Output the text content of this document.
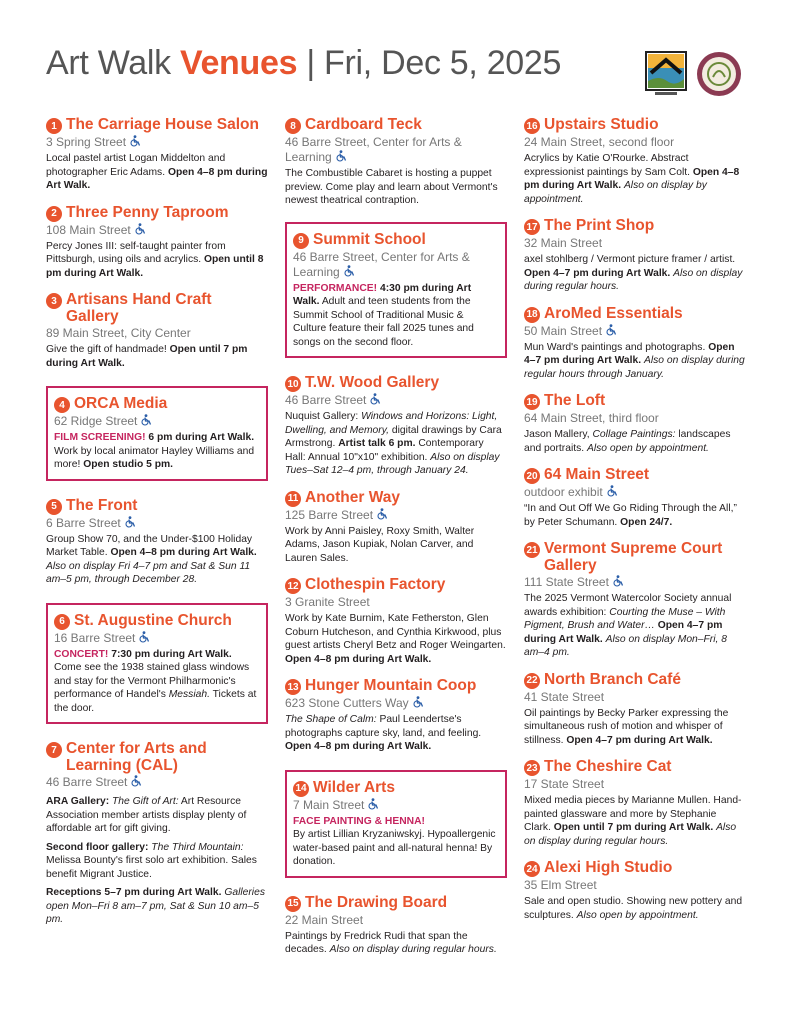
Art Walk Venues | Fri, Dec 5, 2025
1 The Carriage House Salon
3 Spring Street
Local pastel artist Logan Middelton and photographer Eric Adams. Open 4–8 pm during Art Walk.
2 Three Penny Taproom
108 Main Street
Percy Jones III: self-taught painter from Pittsburgh, using oils and acrylics. Open until 8 pm during Art Walk.
3 Artisans Hand Craft Gallery
89 Main Street, City Center
Give the gift of handmade! Open until 7 pm during Art Walk.
4 ORCA Media
62 Ridge Street
FILM SCREENING! 6 pm during Art Walk. Work by local animator Hayley Williams and more! Open studio 5 pm.
5 The Front
6 Barre Street
Group Show 70, and the Under-$100 Holiday Market Table. Open 4–8 pm during Art Walk. Also on display Fri 4–7 pm and Sat & Sun 11 am–5 pm, through December 28.
6 St. Augustine Church
16 Barre Street
CONCERT! 7:30 pm during Art Walk. Come see the 1938 stained glass windows and stay for the Vermont Philharmonic's performance of Handel's Messiah. Tickets at the door.
7 Center for Arts and Learning (CAL)
46 Barre Street
ARA Gallery: The Gift of Art: Art Resource Association member artists display plenty of affordable art for gift giving.
Second floor gallery: The Third Mountain: Melissa Bounty's first solo art exhibition. Sales benefit Migrant Justice.
Receptions 5–7 pm during Art Walk. Galleries open Mon–Fri 8 am–7 pm, Sat & Sun 10 am–5 pm.
8 Cardboard Teck
46 Barre Street, Center for Arts & Learning
The Combustible Cabaret is hosting a puppet preview. Come play and learn about Vermont's newest theatrical contraption.
9 Summit School
46 Barre Street, Center for Arts & Learning
PERFORMANCE! 4:30 pm during Art Walk. Adult and teen students from the Summit School of Traditional Music & Culture feature their fall 2025 tunes and songs on the second floor.
10 T.W. Wood Gallery
46 Barre Street
Nuquist Gallery: Windows and Horizons: Light, Dwelling, and Memory, digital drawings by Cara Armstrong. Artist talk 6 pm. Contemporary Hall: Annual 10"x10" exhibition. Also on display Tues–Sat 12–4 pm, through January 24.
11 Another Way
125 Barre Street
Work by Anni Paisley, Roxy Smith, Walter Adams, Jason Kupiak, Nolan Carver, and Lauren Sales.
12 Clothespin Factory
3 Granite Street
Work by Kate Burnim, Kate Fetherston, Glen Coburn Hutcheson, and Cynthia Kirkwood, plus guest artists Cheryl Betz and Roger Weingarten. Open 4–8 pm during Art Walk.
13 Hunger Mountain Coop
623 Stone Cutters Way
The Shape of Calm: Paul Leendertse's photographs capture sky, land, and feeling. Open 4–8 pm during Art Walk.
14 Wilder Arts
7 Main Street
FACE PAINTING & HENNA!
By artist Lillian Kryzaniwskyj. Hypoallergenic water-based paint and all-natural henna! By donation.
15 The Drawing Board
22 Main Street
Paintings by Fredrick Rudi that span the decades. Also on display during regular hours.
16 Upstairs Studio
24 Main Street, second floor
Acrylics by Katie O'Rourke. Abstract expressionist paintings by Sam Colt. Open 4–8 pm during Art Walk. Also on display by appointment.
17 The Print Shop
32 Main Street
axel stohlberg / Vermont picture framer / artist. Open 4–7 pm during Art Walk. Also on display during regular hours.
18 AroMed Essentials
50 Main Street
Mun Ward's paintings and photographs. Open 4–7 pm during Art Walk. Also on display during regular hours through January.
19 The Loft
64 Main Street, third floor
Jason Mallery, Collage Paintings: landscapes and portraits. Also open by appointment.
20 64 Main Street
outdoor exhibit
“In and Out Off We Go Riding Through the All,” by Peter Schumann. Open 24/7.
21 Vermont Supreme Court Gallery
111 State Street
The 2025 Vermont Watercolor Society annual awards exhibition: Courting the Muse – With Pigment, Brush and Water… Open 4–7 pm during Art Walk. Also on display Mon–Fri, 8 am–4 pm.
22 North Branch Café
41 State Street
Oil paintings by Becky Parker expressing the simultaneous rush of motion and whisper of stillness. Open 4–7 pm during Art Walk.
23 The Cheshire Cat
17 State Street
Mixed media pieces by Marianne Mullen. Hand-painted glassware and more by Stephanie Clark. Open until 7 pm during Art Walk. Also on display during regular hours.
24 Alexi High Studio
35 Elm Street
Sale and open studio. Showing new pottery and sculptures. Also open by appointment.
